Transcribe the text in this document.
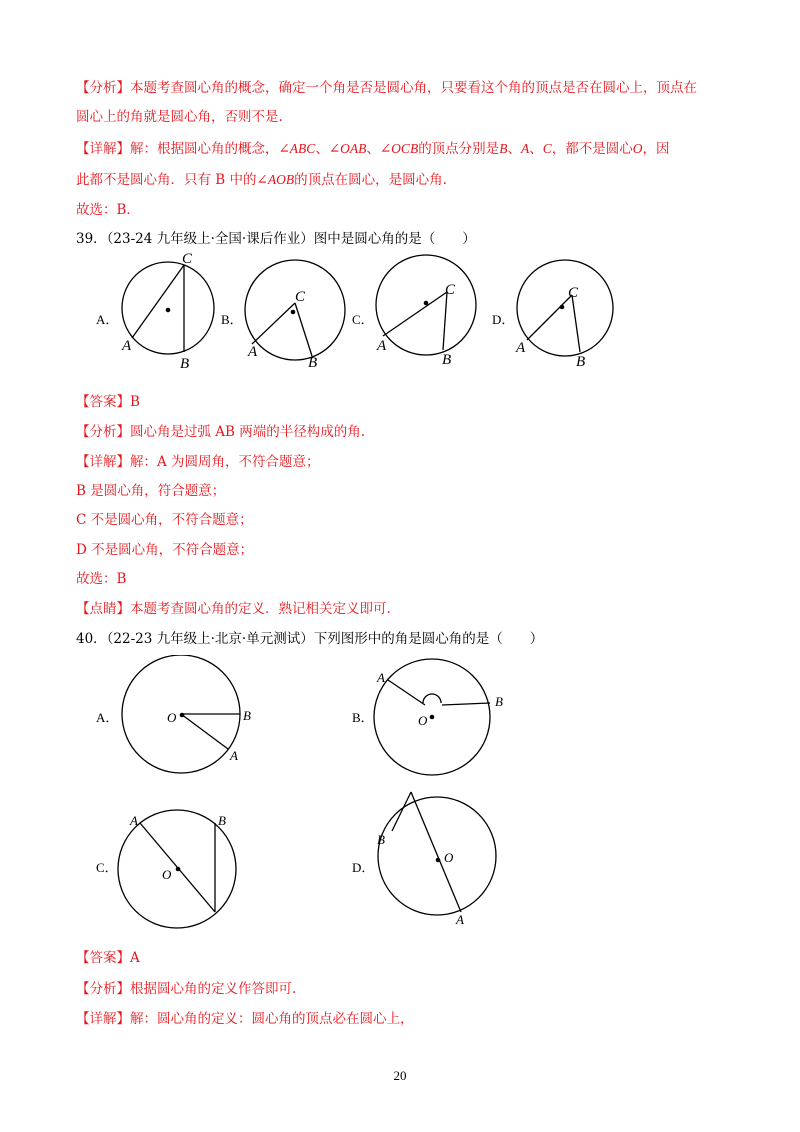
【分析】本题考查圆心角的概念，确定一个角是否是圆心角，只要看这个角的顶点是否在圆心上，顶点在
圆心上的角就是圆心角，否则不是.
【详解】解：根据圆心角的概念，∠ABC、∠OAB、∠OCB的顶点分别是B、A、C，都不是圆心O，因
此都不是圆心角．只有 B 中的∠AOB的顶点在圆心，是圆心角.
故选：B．
39．（23-24 九年级上·全国·课后作业）图中是圆心角的是（　　）
A．
A
B
C
B．
A
B
C
C．
A
B
C
D．
A
B
C
【答案】B
【分析】圆心角是过弧 AB 两端的半径构成的角.
【详解】解：A 为圆周角，不符合题意；
B 是圆心角，符合题意；
C 不是圆心角，不符合题意；
D 不是圆心角，不符合题意；
故选：B
【点睛】本题考查圆心角的定义．熟记相关定义即可.
40．（22-23 九年级上·北京·单元测试）下列图形中的角是圆心角的是（　　）
A．	O
A
B	B．	O
A
B
C．	O
A	B
D．
O
A
B
【答案】A
【分析】根据圆心角的定义作答即可.
【详解】解：圆心角的定义：圆心角的顶点必在圆心上，
20
